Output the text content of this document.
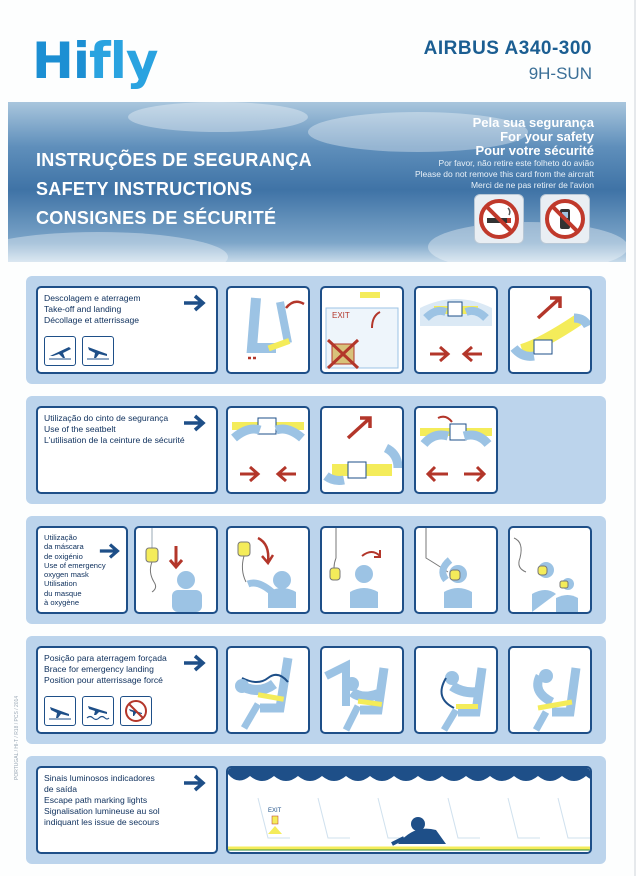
Hifly	AIRBUS A340-300
9H-SUN
INSTRUÇÕES DE SEGURANÇA
SAFETY INSTRUCTIONS
CONSIGNES DE SÉCURITÉ
Pela sua segurança
For your safety
Pour votre sécurité
Por favor, não retire este folheto do avião
Please do not remove this card from the aircraft
Merci de ne pas retirer de l'avion
Descolagem e aterragem
Take-off and landing
Décollage et atterrissage	EXIT
Utilização do cinto de segurança
Use of the seatbelt
L'utilisation de la ceinture de sécurité
Utilização
da máscara
de oxigénio
Use of emergency
oxygen mask
Utilisation
du masque
à oxygène
Posição para aterragem forçada
Brace for emergency landing
Position pour atterrissage forcé
Sinais luminosos indicadores
de saída
Escape path marking lights
Signalisation lumineuse au sol
indiquant les issue de secours
EXIT
PORTUGAL / HI-T / R18 / PCS / 2014
